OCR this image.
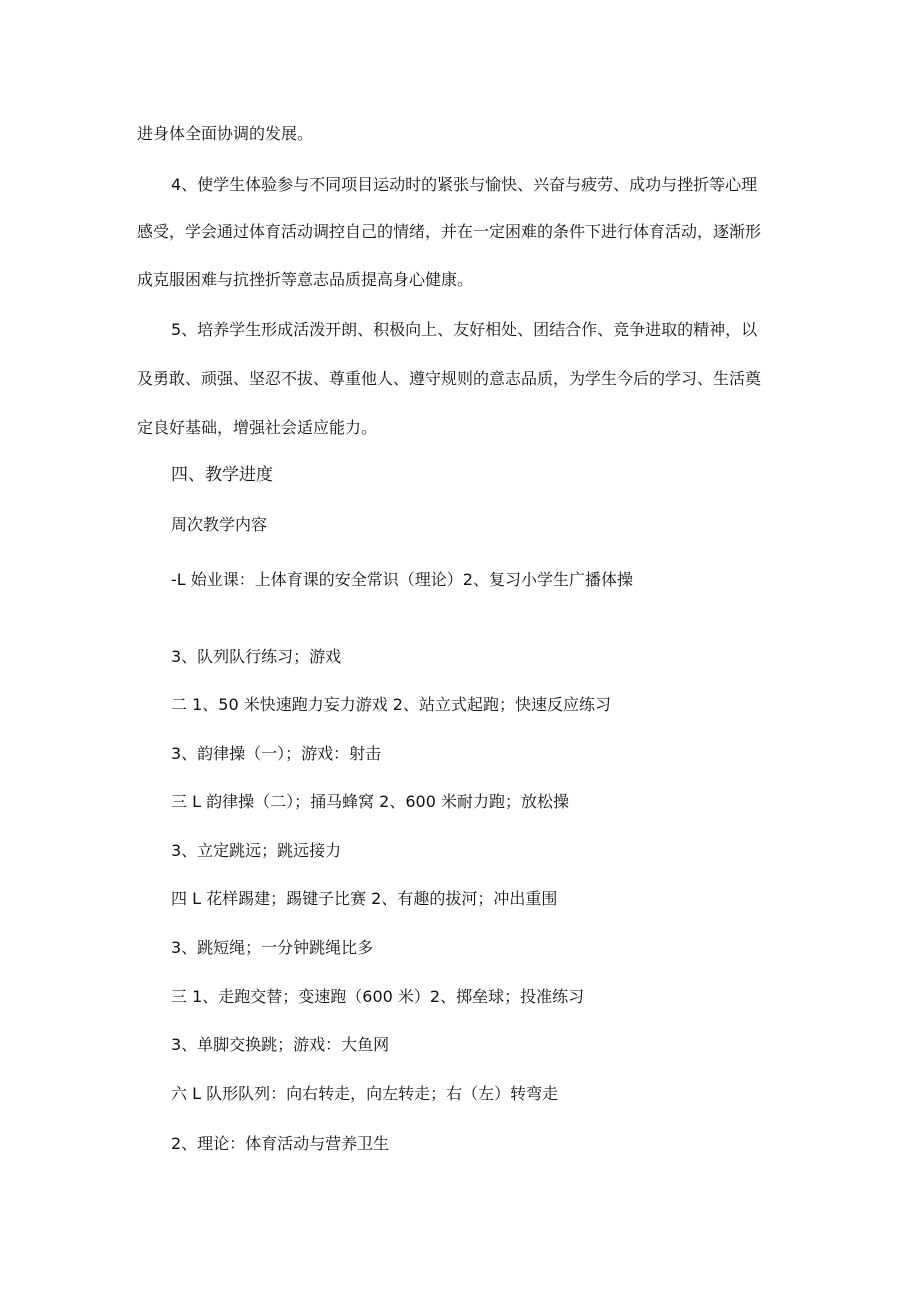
进身体全面协调的发展。

4、使学生体验参与不同项目运动时的紧张与愉快、兴奋与疲劳、成功与挫折等心理

感受，学会通过体育活动调控自己的情绪，并在一定困难的条件下进行体育活动，逐渐形

成克服困难与抗挫折等意志品质提高身心健康。

5、培养学生形成活泼开朗、积极向上、友好相处、团结合作、竞争进取的精神，以

及勇敢、顽强、坚忍不拔、尊重他人、遵守规则的意志品质，为学生今后的学习、生活奠

定良好基础，增强社会适应能力。

四、教学进度

周次教学内容

-L 始业课：上体育课的安全常识（理论）2、复习小学生广播体操

3、队列队行练习；游戏

二 1、50 米快速跑力妄力游戏 2、站立式起跑；快速反应练习

3、韵律操（一）；游戏：射击

三 L 韵律操（二）；捅马蜂窝 2、600 米耐力跑；放松操

3、立定跳远；跳远接力

四 L 花样踢建；踢键子比赛 2、有趣的拔河；冲出重围

3、跳短绳；一分钟跳绳比多

三 1、走跑交替；变速跑（600 米）2、掷垒球；投准练习

3、单脚交换跳；游戏：大鱼网

六 L 队形队列：向右转走，向左转走；右（左）转弯走

2、理论：体育活动与营养卫生
